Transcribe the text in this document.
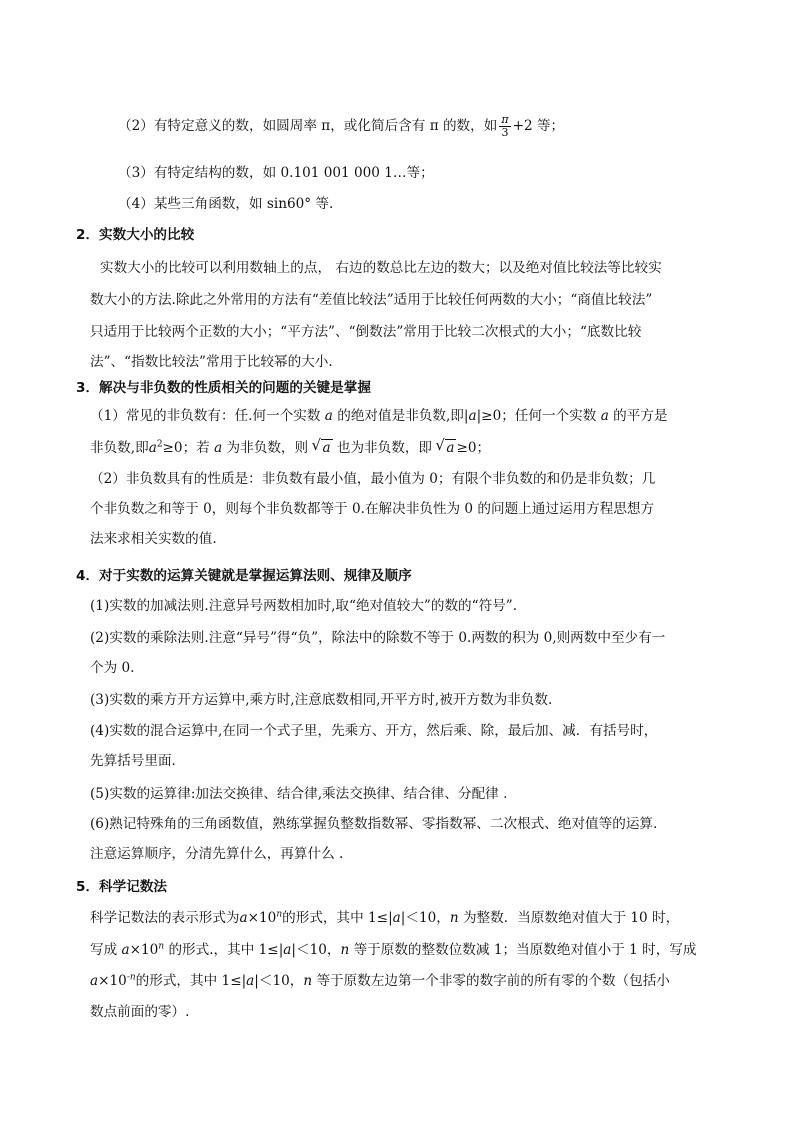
（2）有特定意义的数，如圆周率 π，或化简后含有 π 的数，如 $\frac{\pi}{3} +2$ 等；
（3）有特定结构的数，如 0.101 001 000 1…等；
（4）某些三角函数，如 sin60° 等.
2．实数大小的比较
实数大小的比较可以利用数轴上的点， 右边的数总比左边的数大；以及绝对值比较法等比较实
数大小的方法.除此之外常用的方法有“差值比较法”适用于比较任何两数的大小；“商值比较法”
只适用于比较两个正数的大小；“平方法”、“倒数法”常用于比较二次根式的大小；“底数比较
法”、“指数比较法”常用于比较幂的大小.
3．解决与非负数的性质相关的问题的关键是掌握
（1）常见的非负数有：任.何一个实数 a 的绝对值是非负数,即|a|≥0；任何一个实数 a 的平方是
非负数,即$a^2\ge 0$；若 a 为非负数，则 √ a 也为非负数，即 √ a ≥0；
（2）非负数具有的性质是：非负数有最小值，最小值为 0；有限个非负数的和仍是非负数；几
个非负数之和等于 0，则每个非负数都等于 0.在解决非负性为 0 的问题上通过运用方程思想方
法来求相关实数的值.
4．对于实数的运算关键就是掌握运算法则、规律及顺序
(1)实数的加减法则.注意异号两数相加时,取“绝对值较大”的数的“符号”.
(2)实数的乘除法则.注意“异号”得“负”，除法中的除数不等于 0.两数的积为 0,则两数中至少有一
个为 0.
(3)实数的乘方开方运算中,乘方时,注意底数相同,开平方时,被开方数为非负数.
(4)实数的混合运算中,在同一个式子里，先乘方、开方，然后乘、除，最后加、减．有括号时，
先算括号里面．
(5)实数的运算律:加法交换律、结合律,乘法交换律、结合律、分配律 .
(6)熟记特殊角的三角函数值，熟练掌握负整数指数幂、零指数幂、二次根式、绝对值等的运算.
注意运算顺序，分清先算什么，再算什么 .
5．科学记数法
科学记数法的表示形式为$a\times 10^n$的形式，其中 1≤|a|＜10，n 为整数．当原数绝对值大于 10 时，
写成 $a\times 10^n$ 的形式.，其中 1≤|a|＜10，n 等于原数的整数位数减 1；当原数绝对值小于 1 时，写成
$a\times 10^{-n}$的形式，其中 1≤|a|＜10，n 等于原数左边第一个非零的数字前的所有零的个数（包括小
数点前面的零）.
